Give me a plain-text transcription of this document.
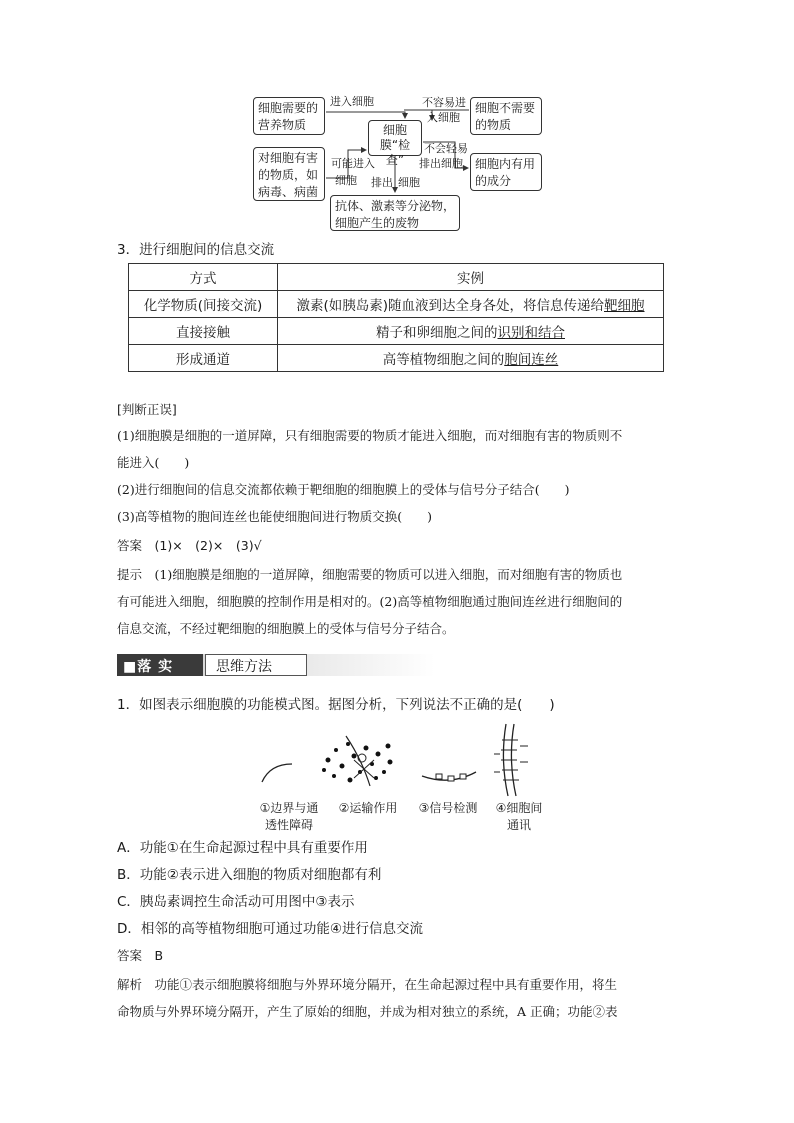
细胞需要的营养物质
对细胞有害的物质，如病毒、病菌
细胞膜“检查”
细胞不需要的物质
细胞内有用的成分
抗体、激素等分泌物，细胞产生的废物
进入细胞
可能进入
细胞
不容易进
入细胞
不会轻易
排出细胞
排出 细胞
3．进行细胞间的信息交流
方式	实例
化学物质(间接交流)	激素(如胰岛素)随血液到达全身各处，将信息传递给靶细胞
直接接触	精子和卵细胞之间的识别和结合
形成通道	高等植物细胞之间的胞间连丝
[判断正误]
(1)细胞膜是细胞的一道屏障，只有细胞需要的物质才能进入细胞，而对细胞有害的物质则不
能进入(　　)
(2)进行细胞间的信息交流都依赖于靶细胞的细胞膜上的受体与信号分子结合(　　)
(3)高等植物的胞间连丝也能使细胞间进行物质交换(　　)
答案　(1)×　(2)×　(3)√
提示　(1)细胞膜是细胞的一道屏障，细胞需要的物质可以进入细胞，而对细胞有害的物质也
有可能进入细胞，细胞膜的控制作用是相对的。(2)高等植物细胞通过胞间连丝进行细胞间的
信息交流，不经过靶细胞的细胞膜上的受体与信号分子结合。
■落 实	思维方法
1．如图表示细胞膜的功能模式图。据图分析，下列说法不正确的是(　　)
①边界与通
透性障碍
②运输作用	③信号检测	④细胞间
通讯
A．功能①在生命起源过程中具有重要作用
B．功能②表示进入细胞的物质对细胞都有利
C．胰岛素调控生命活动可用图中③表示
D．相邻的高等植物细胞可通过功能④进行信息交流
答案　B
解析　功能①表示细胞膜将细胞与外界环境分隔开，在生命起源过程中具有重要作用，将生
命物质与外界环境分隔开，产生了原始的细胞，并成为相对独立的系统，A 正确；功能②表
